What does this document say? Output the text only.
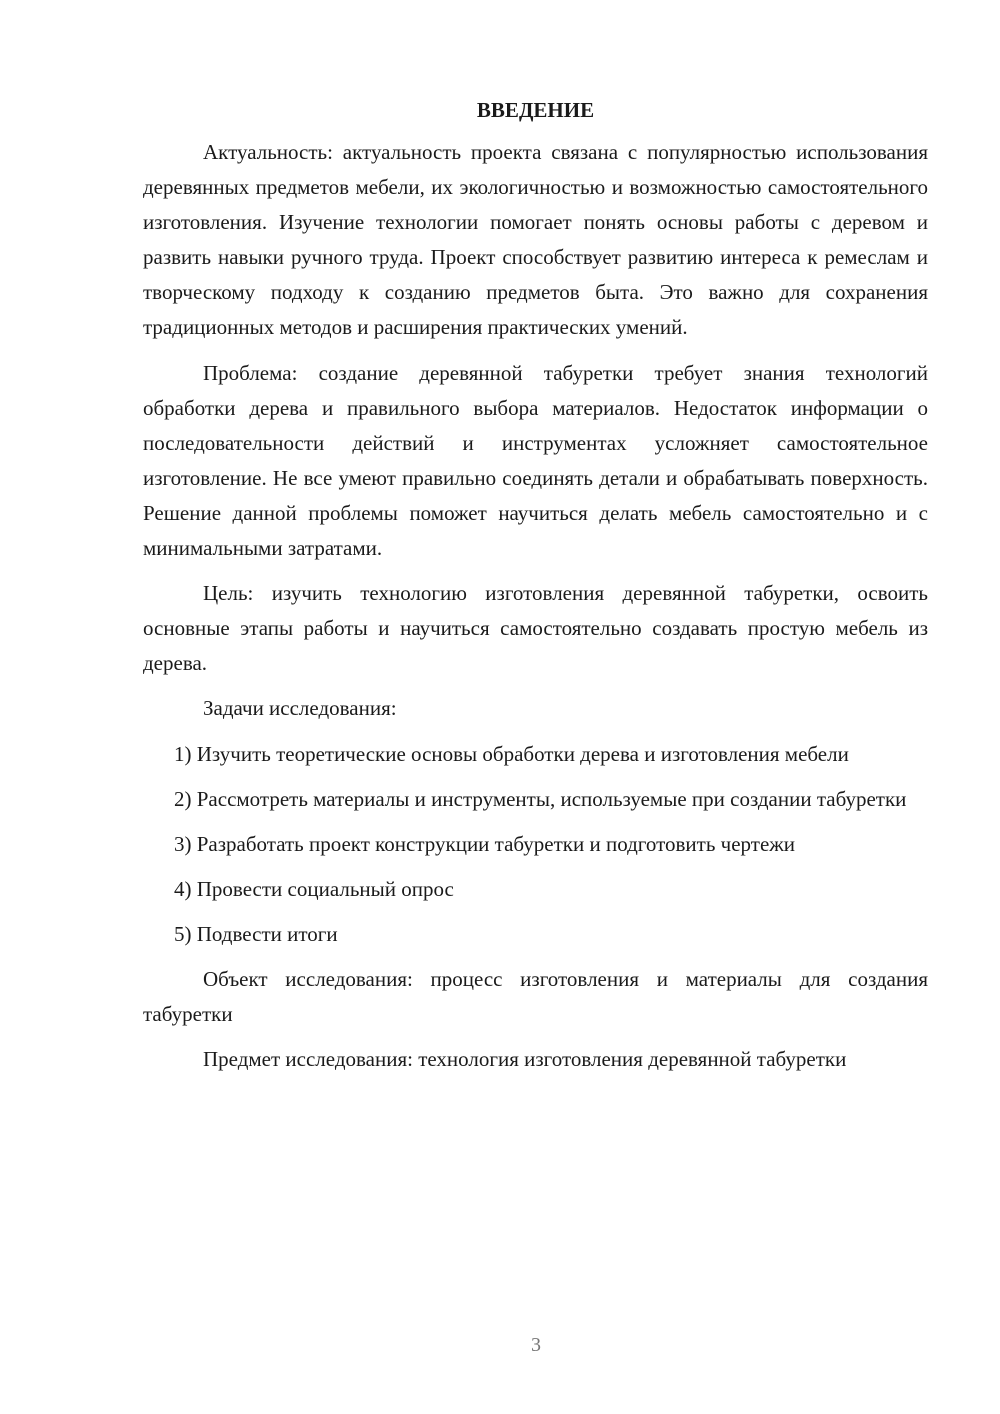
ВВЕДЕНИЕ

Актуальность: актуальность проекта связана с популярностью использования деревянных предметов мебели, их экологичностью и возможностью самостоятельного изготовления. Изучение технологии помогает понять основы работы с деревом и развить навыки ручного труда. Проект способствует развитию интереса к ремеслам и творческому подходу к созданию предметов быта. Это важно для сохранения традиционных методов и расширения практических умений.

Проблема: создание деревянной табуретки требует знания технологий обработки дерева и правильного выбора материалов. Недостаток информации о последовательности действий и инструментах усложняет самостоятельное изготовление. Не все умеют правильно соединять детали и обрабатывать поверхность. Решение данной проблемы поможет научиться делать мебель самостоятельно и с минимальными затратами.

Цель: изучить технологию изготовления деревянной табуретки, освоить основные этапы работы и научиться самостоятельно создавать простую мебель из дерева.

Задачи исследования:

1) Изучить теоретические основы обработки дерева и изготовления мебели

2) Рассмотреть материалы и инструменты, используемые при создании табуретки

3) Разработать проект конструкции табуретки и подготовить чертежи

4) Провести социальный опрос

5) Подвести итоги

Объект исследования: процесс изготовления и материалы для создания табуретки

Предмет исследования: технология изготовления деревянной табуретки

3
